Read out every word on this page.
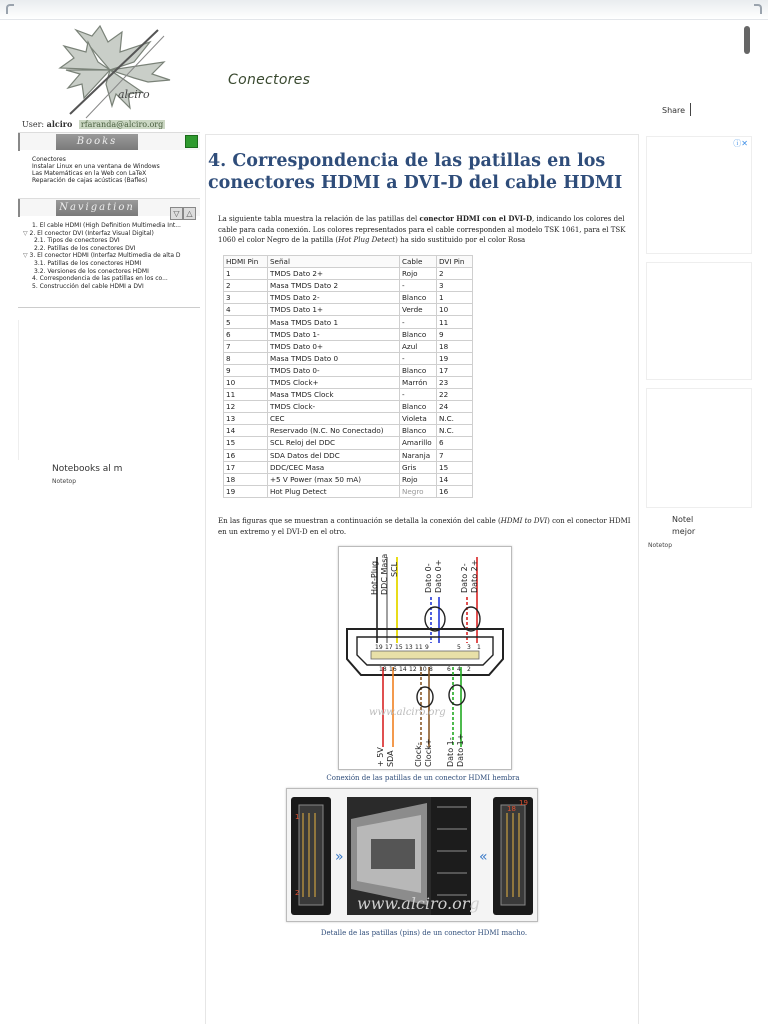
alciro
Conectores
Share
User: alciro rfaranda@alciro.org
Books
Conectores
Instalar Linux en una ventana de Windows
Las Matemáticas en la Web con LaTeX
Reparación de cajas acústicas (Bafles)
Navigation
▽ △
1. El cable HDMI (High Definition Multimedia Int...
▽ 2. El conector DVI (Interfaz Visual Digital)
2.1. Tipos de conectores DVI
2.2. Patillas de los conectores DVI
▽ 3. El conector HDMI (Interfaz Multimedia de alta D
3.1. Patillas de los conectores HDMI
3.2. Versiones de los conectores HDMI
4. Correspondencia de las patillas en los co...
5. Construcción del cable HDMI a DVI
Notebooks al m
Notetop
4. Correspondencia de las patillas en los conectores HDMI a DVI-D del cable HDMI

La siguiente tabla muestra la relación de las patillas del conector HDMI con el DVI-D, indicando los colores del cable para cada conexión. Los colores representados para el cable corresponden al modelo TSK 1061, para el TSK 1060 el color Negro de la patilla (Hot Plug Detect) ha sido sustituido por el color Rosa

HDMI Pin	Señal	Cable	DVI Pin
1	TMDS Dato 2+	Rojo	2
2	Masa TMDS Dato 2	-	3
3	TMDS Dato 2-	Blanco	1
4	TMDS Dato 1+	Verde	10
5	Masa TMDS Dato 1	-	11
6	TMDS Dato 1-	Blanco	9
7	TMDS Dato 0+	Azul	18
8	Masa TMDS Dato 0	-	19
9	TMDS Dato 0-	Blanco	17
10	TMDS Clock+	Marrón	23
11	Masa TMDS Clock	-	22
12	TMDS Clock-	Blanco	24
13	CEC	Violeta	N.C.
14	Reservado (N.C. No Conectado)	Blanco	N.C.
15	SCL Reloj del DDC	Amarillo	6
16	SDA Datos del DDC	Naranja	7
17	DDC/CEC Masa	Gris	15
18	+5 V Power (max 50 mA)	Rojo	14
19	Hot Plug Detect	Negro	16

En las figuras que se muestran a continuación se detalla la conexión del cable (HDMI to DVI) con el conector HDMI en un extremo y el DVI-D en el otro.

Hot-Plug DDC Masa SCL	Dato 0- Dato 0+ Dato 2- Dato 2+
19 17 15 13 11 9	5 3 1
18 16 14 12 10 8 6 4 2
www.alciro.org
+ 5V SDA Clock- Clock+ Dato 1- Dato 1+
Conexión de las patillas de un conector HDMI hembra
»	«
18
19
1
2
www.alciro.org
Detalle de las patillas (pins) de un conector HDMI macho.
ⓘ✕
Notel
mejor
Notetop
